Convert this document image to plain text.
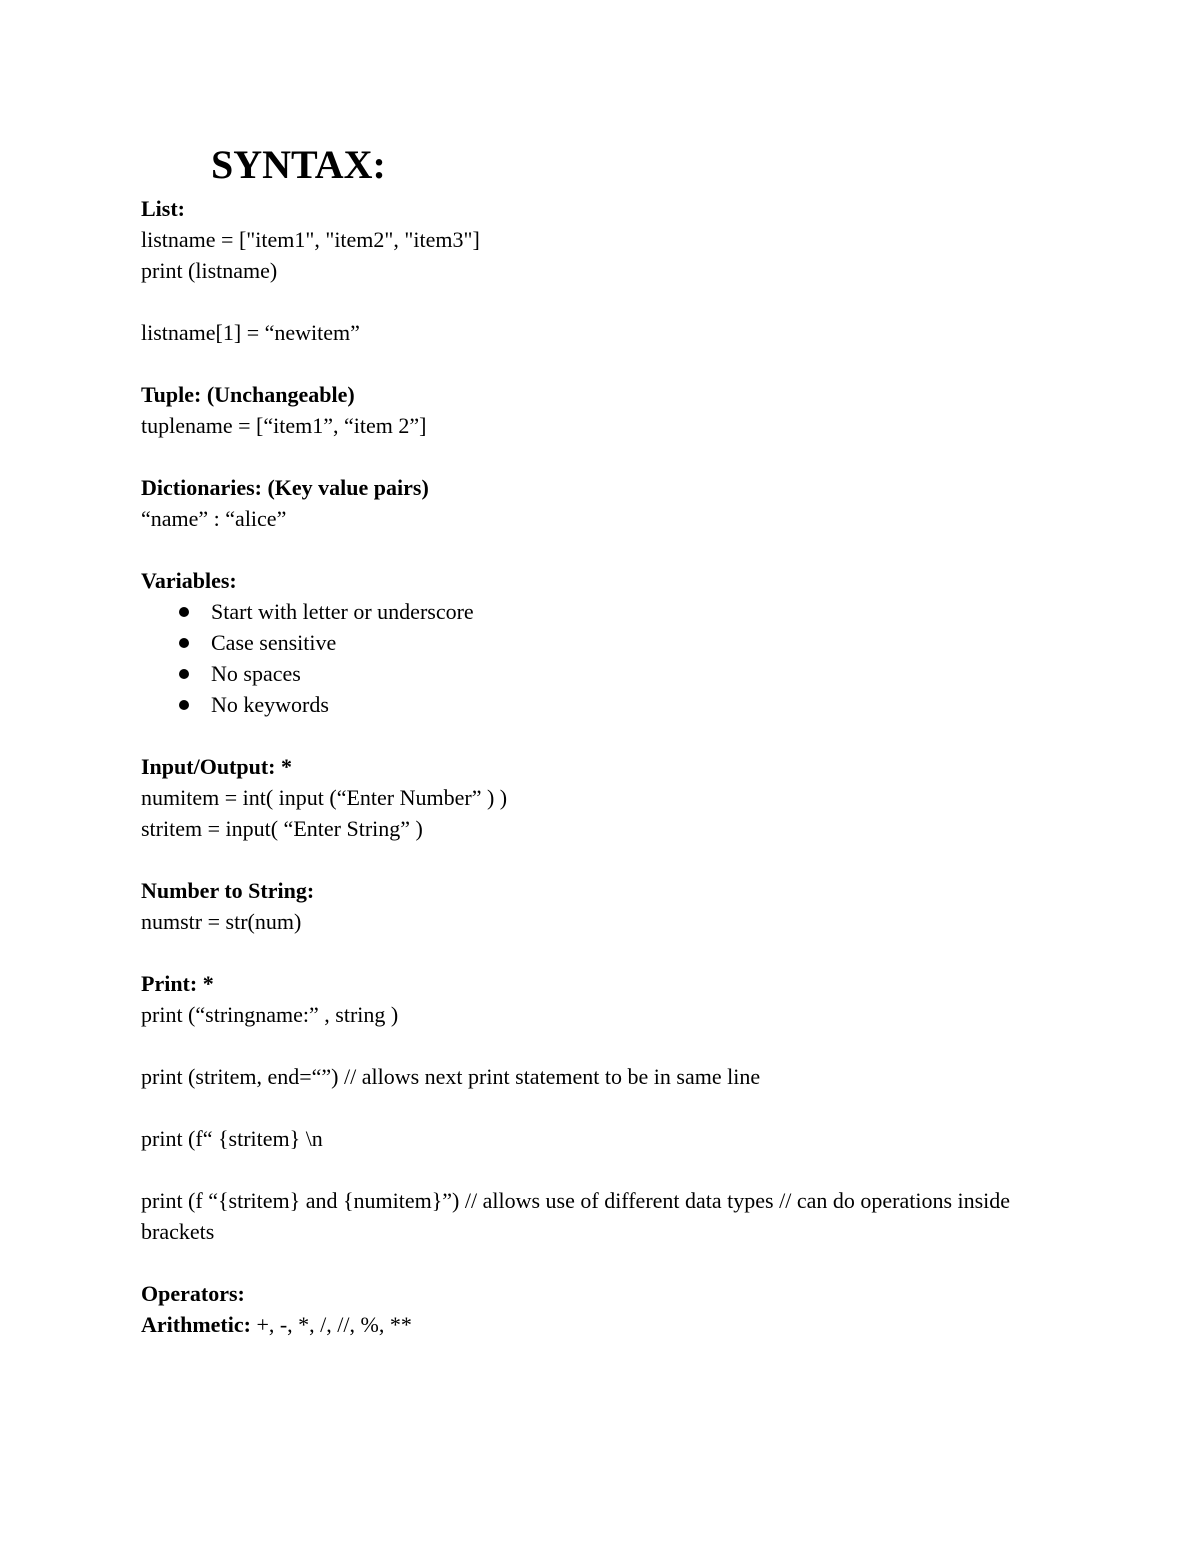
SYNTAX:
List:
listname = ["item1", "item2", "item3"]
print (listname)
listname[1] = “newitem”
Tuple: (Unchangeable)
tuplename = [“item1”, “item 2”]
Dictionaries: (Key value pairs)
“name” : “alice”
Variables:
Start with letter or underscore
Case sensitive
No spaces
No keywords
Input/Output: *
numitem = int( input (“Enter Number” ) )
stritem = input( “Enter String” )
Number to String:
numstr = str(num)
Print: *
print (“stringname:” , string )
print (stritem, end=“”) // allows next print statement to be in same line
print (f“ {stritem} \n
print (f “{stritem} and {numitem}”) // allows use of different data types // can do operations inside brackets
Operators:
Arithmetic: +, -, *, /, //, %, **
